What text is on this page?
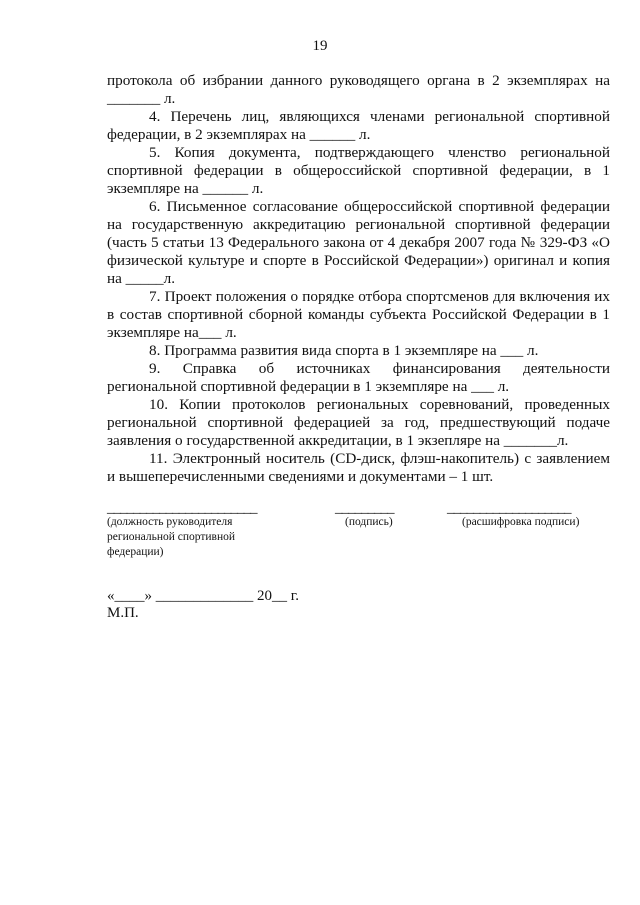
19

протокола об избрании данного руководящего органа в 2 экземплярах на _______ л.

4. Перечень лиц, являющихся членами региональной спортивной федерации, в 2 экземплярах на ______ л.

5. Копия документа, подтверждающего членство региональной спортивной федерации в общероссийской спортивной федерации, в 1 экземпляре на ______ л.

6. Письменное согласование общероссийской спортивной федерации на государственную аккредитацию региональной спортивной федерации (часть 5 статьи 13 Федерального закона от 4 декабря 2007 года № 329-ФЗ «О физической культуре и спорте в Российской Федерации») оригинал и копия на _____л.

7. Проект положения о порядке отбора спортсменов для включения их в состав спортивной сборной команды субъекта Российской Федерации в 1 экземпляре на___ л.

8. Программа развития вида спорта в 1 экземпляре на ___ л.

9. Справка об источниках финансирования деятельности региональной спортивной федерации в 1 экземпляре на ___ л.

10. Копии протоколов региональных соревнований, проведенных региональной спортивной федерацией за год, предшествующий подаче заявления о государственной аккредитации, в 1 экзепляре на _______л.

11. Электронный носитель (CD-диск, флэш-накопитель) с заявлением и вышеперечисленными сведениями и документами – 1 шт.

_______________________	_________	___________________
(должность руководителя региональной спортивной федерации)
(подпись)	(расшифровка подписи)
«____» _____________ 20__ г.
М.П.
